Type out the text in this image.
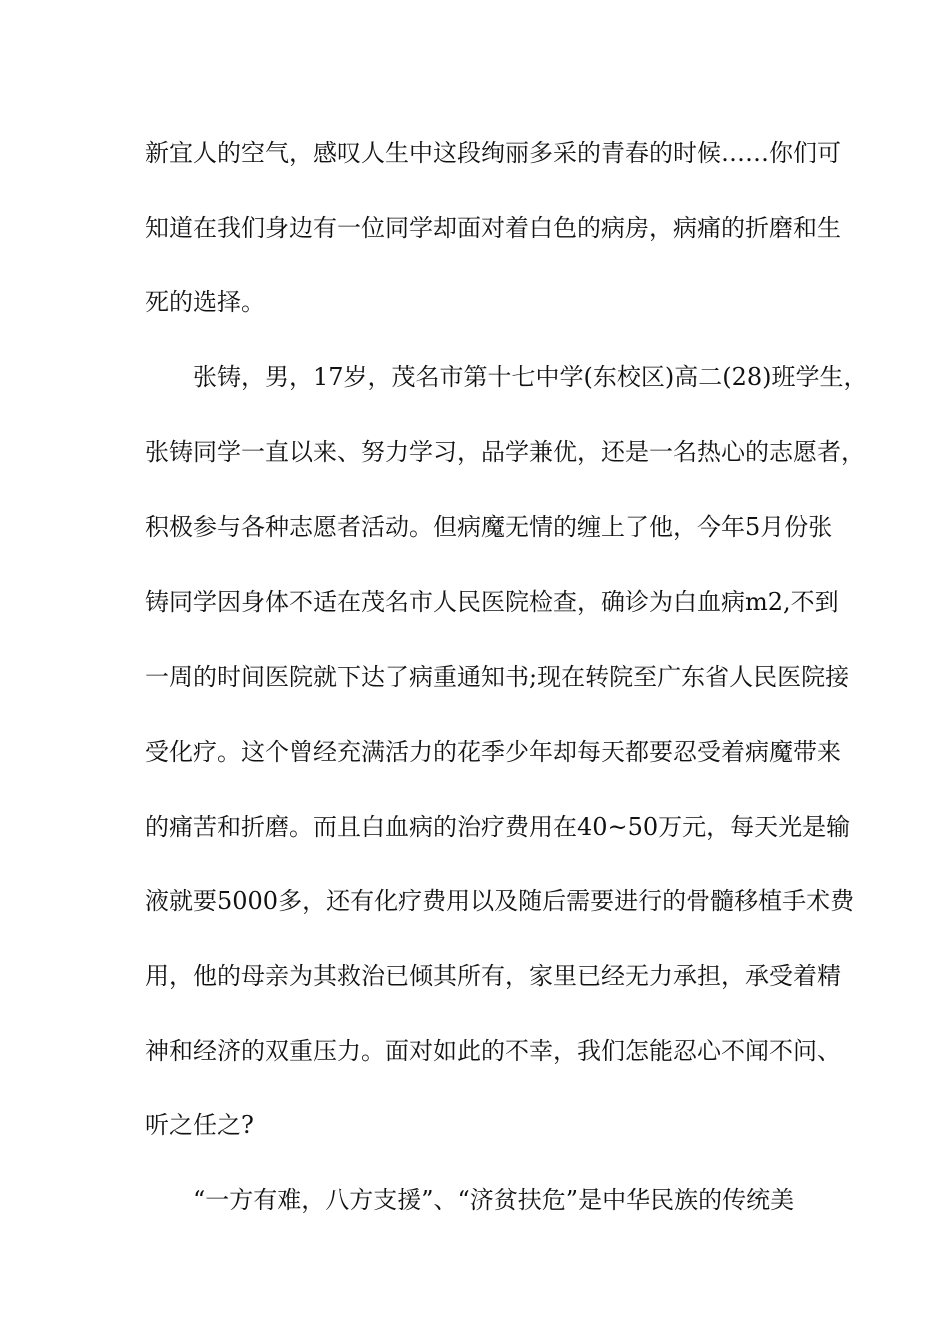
新宜人的空气，感叹人生中这段绚丽多采的青春的时候……你们可
知道在我们身边有一位同学却面对着白色的病房，病痛的折磨和生
死的选择。
张铸，男，17岁，茂名市第十七中学(东校区)高二(28)班学生，
张铸同学一直以来、努力学习，品学兼优，还是一名热心的志愿者，
积极参与各种志愿者活动。但病魔无情的缠上了他，今年5月份张
铸同学因身体不适在茂名市人民医院检查，确诊为白血病m2,不到
一周的时间医院就下达了病重通知书;现在转院至广东省人民医院接
受化疗。这个曾经充满活力的花季少年却每天都要忍受着病魔带来
的痛苦和折磨。而且白血病的治疗费用在40~50万元，每天光是输
液就要5000多，还有化疗费用以及随后需要进行的骨髓移植手术费
用，他的母亲为其救治已倾其所有，家里已经无力承担，承受着精
神和经济的双重压力。面对如此的不幸，我们怎能忍心不闻不问、
听之任之?
“一方有难，八方支援”、“济贫扶危”是中华民族的传统美
